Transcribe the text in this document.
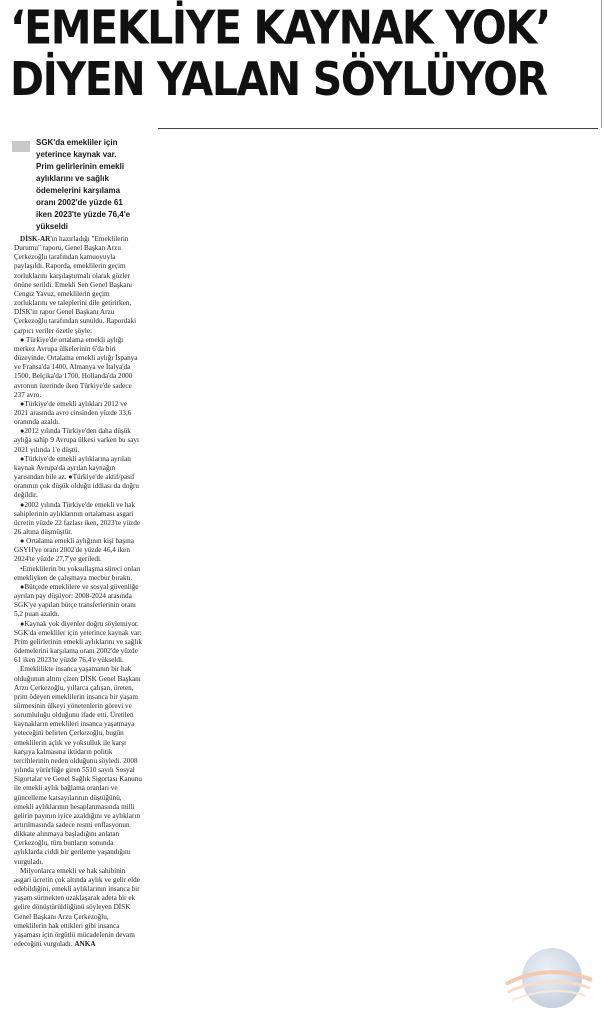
‘EMEKLİYE KAYNAK YOK’
DİYEN YALAN SÖYLÜYOR

SGK'da emekliler için yeterince kaynak var. Prim gelirlerinin emekli aylıklarını ve sağlık ödemelerini karşılama oranı 2002'de yüzde 61 iken 2023'te yüzde 76,4'e yükseldi

DİSK-AR'ın hazırladığı "Emeklilerin Durumu" raporu, Genel Başkan Arzu Çerkezoğlu tarafından kamuoyuyla paylaşıldı. Raporda, emeklilerin geçim zorluklarını karşılaştırmalı olarak gözler önüne serildi. Emekli Sen Genel Başkanı Cengiz Yavuz, emeklilerin geçim zorluklarını ve taleplerini dile getirirken, DİSK'in rapor Genel Başkanı Arzu Çerkezoğlu tarafından sunuldu. Rapordaki çarpıcı veriler özetle şöyle:

● Türkiye'de ortalama emekli aylığı merkez Avrupa ülkelerinin 6'da biri düzeyinde. Ortalama emekli aylığı İspanya ve Fransa'da 1400, Almanya ve İtalya'da 1500, Belçika'da 1700, Hollanda'da 2000 avronun üzerinde iken Türkiye'de sadece 237 avro.

●Türkiye'de emekli aylıkları 2012 ve 2021 arasında avro cinsinden yüzde 33,6 oranında azaldı.

●2012 yılında Türkiye'den daha düşük aylığa sahip 9 Avrupa ülkesi varken bu sayı 2021 yılında 1'e düştü.

●Türkiye'de emekli aylıklarına ayrılan kaynak Avrupa'da ayrılan kaynağın yarısından bile az. ●Türkiye'de aktif/pasif oranının çok düşük olduğu iddiası da doğru değildir.

●2002 yılında Türkiye'de emekli ve hak sahiplerinin aylıklarının ortalaması asgari ücretin yüzde 22 fazlası iken, 2023'te yüzde 26 altına düşmüştür.

● Ortalama emekli aylığının kişi başına GSYH'ye oranı 2002'de yüzde 46,4 iken 2024'te yüzde 27,7'ye geriledi.

•Emeklilerin bu yoksullaşma süreci onları emekliyken de çalışmaya mecbur bıraktı.

●Bütçede emeklilere ve sosyal güvenliğe ayrılan pay düşüyor: 2008-2024 arasında SGK'ye yapılan bütçe transferlerinin oranı 5,2 puan azaldı.

●Kaynak yok diyenler doğru söylemiyor. SGK'da emekliler için yeterince kaynak var: Prim gelirlerinin emekli aylıklarını ve sağlık ödemelerini karşılama oranı 2002'de yüzde 61 iken 2023'te yüzde 76,4'e yükseldi.

Emeklilikte insanca yaşamanın bir hak olduğunun altını çizen DİSK Genel Başkanı Arzu Çerkezoğlu, yıllarca çalışan, üreten, prim ödeyen emeklilerin insanca bir yaşam sürmesinin ülkeyi yönetenlerin görevi ve sorumluluğu olduğunu ifade etti. Üretilen kaynakların emeklileri insanca yaşatmaya yeteceğini belirten Çerkezoğlu, bugün emeklilerin açlık ve yoksulluk ile karşı karşıya kalmasına iktidarın politik tercihlerinin neden olduğunu söyledi. 2008 yılında yürürlüğe giren 5510 sayılı Sosyal Sigortalar ve Genel Sağlık Sigortası Kanunu ile emekli aylık bağlama oranları ve güncelleme katsayılarının düştüğünü, emekli aylıklarının hesaplanmasında milli gelirin payının iyice azaldığını ve aylıkların artırılmasında sadece resmi enflasyonun dikkate alınmaya başladığını anlatan Çerkezoğlu, tüm bunların sonunda aylıklarda ciddi bir gerileme yaşandığını vurguladı.

Milyonlarca emekli ve hak sahibinin asgari ücretin çok altında aylık ve gelir elde edebildiğini, emekli aylıklarının insanca bir yaşam sürmekten uzaklaşarak adeta bir ek gelire dönüştürüldüğünü söyleyen DİSK Genel Başkanı Arzu Çerkezoğlu, emeklilerin hak ettikleri gibi insanca yaşaması için örgütlü mücadelenin devam edeceğini vurguladı. ANKA
